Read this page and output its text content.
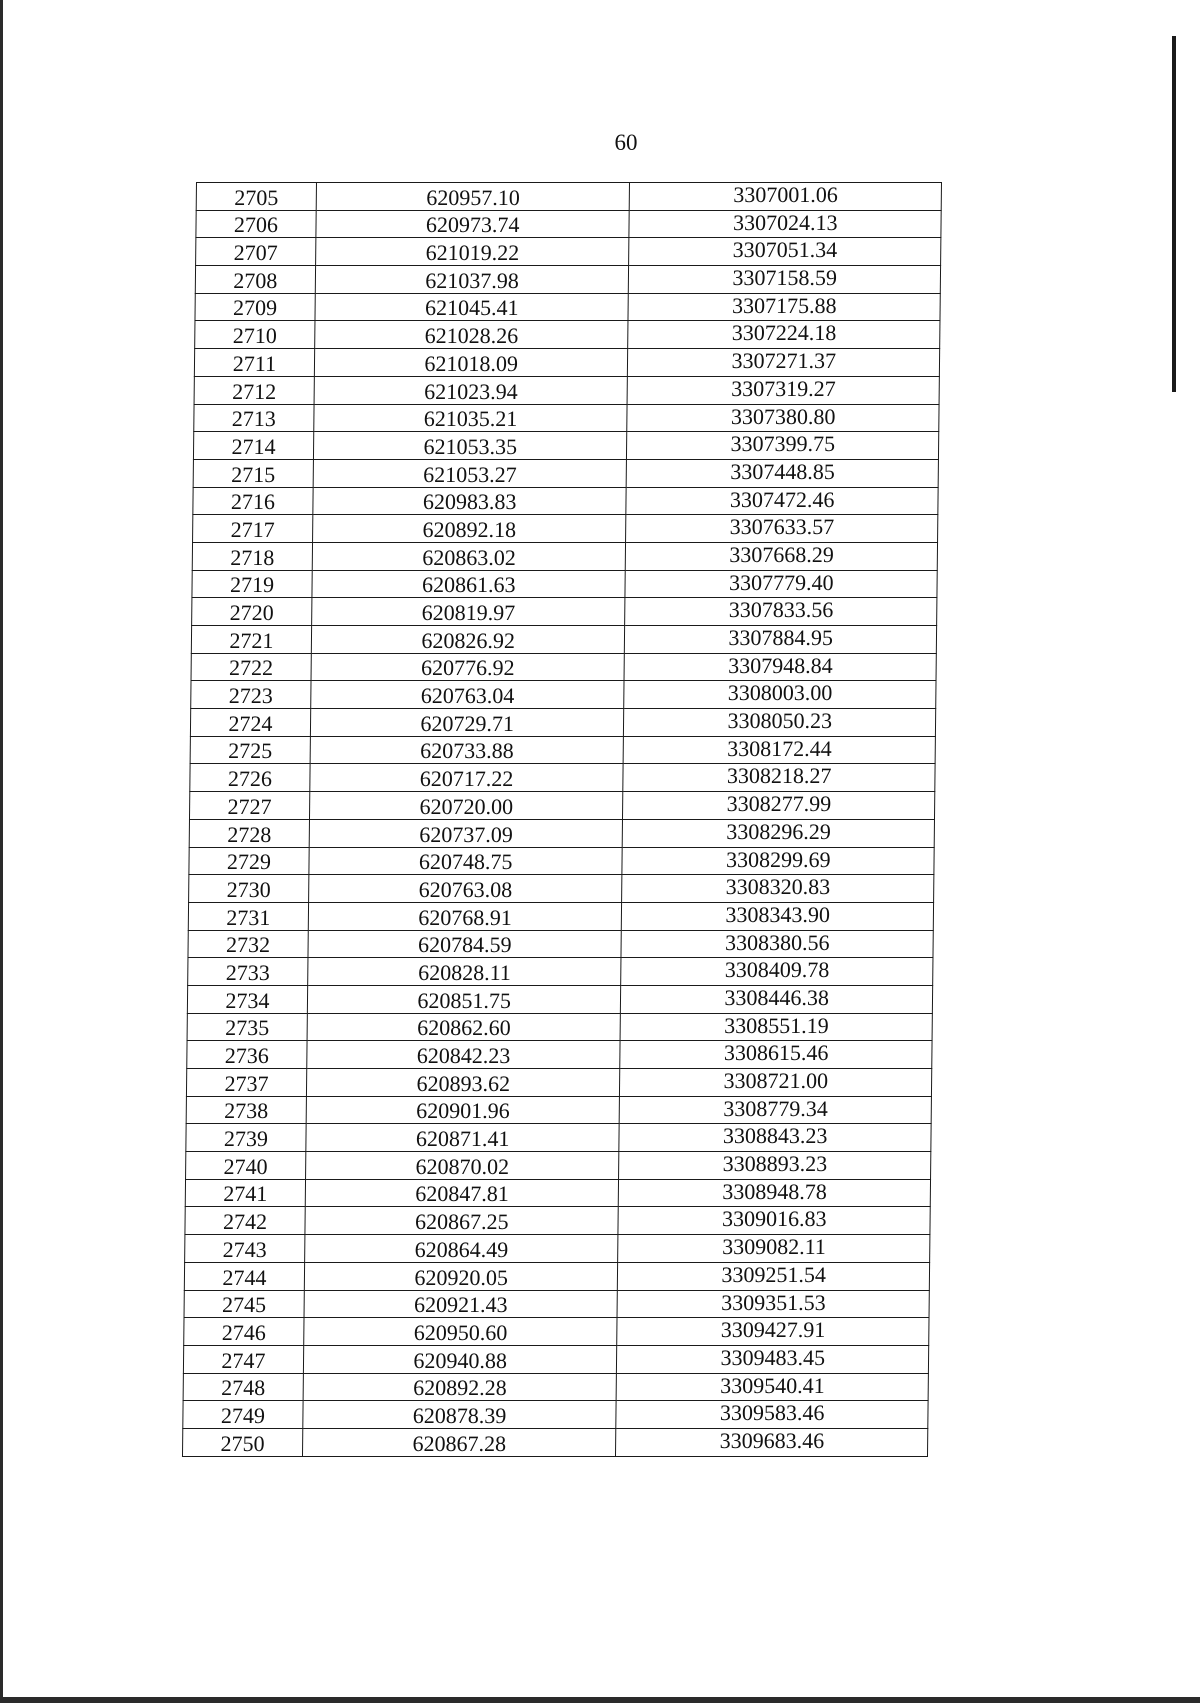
60
2705	620957.10	3307001.06
2706	620973.74	3307024.13
2707	621019.22	3307051.34
2708	621037.98	3307158.59
2709	621045.41	3307175.88
2710	621028.26	3307224.18
2711	621018.09	3307271.37
2712	621023.94	3307319.27
2713	621035.21	3307380.80
2714	621053.35	3307399.75
2715	621053.27	3307448.85
2716	620983.83	3307472.46
2717	620892.18	3307633.57
2718	620863.02	3307668.29
2719	620861.63	3307779.40
2720	620819.97	3307833.56
2721	620826.92	3307884.95
2722	620776.92	3307948.84
2723	620763.04	3308003.00
2724	620729.71	3308050.23
2725	620733.88	3308172.44
2726	620717.22	3308218.27
2727	620720.00	3308277.99
2728	620737.09	3308296.29
2729	620748.75	3308299.69
2730	620763.08	3308320.83
2731	620768.91	3308343.90
2732	620784.59	3308380.56
2733	620828.11	3308409.78
2734	620851.75	3308446.38
2735	620862.60	3308551.19
2736	620842.23	3308615.46
2737	620893.62	3308721.00
2738	620901.96	3308779.34
2739	620871.41	3308843.23
2740	620870.02	3308893.23
2741	620847.81	3308948.78
2742	620867.25	3309016.83
2743	620864.49	3309082.11
2744	620920.05	3309251.54
2745	620921.43	3309351.53
2746	620950.60	3309427.91
2747	620940.88	3309483.45
2748	620892.28	3309540.41
2749	620878.39	3309583.46
2750	620867.28	3309683.46
